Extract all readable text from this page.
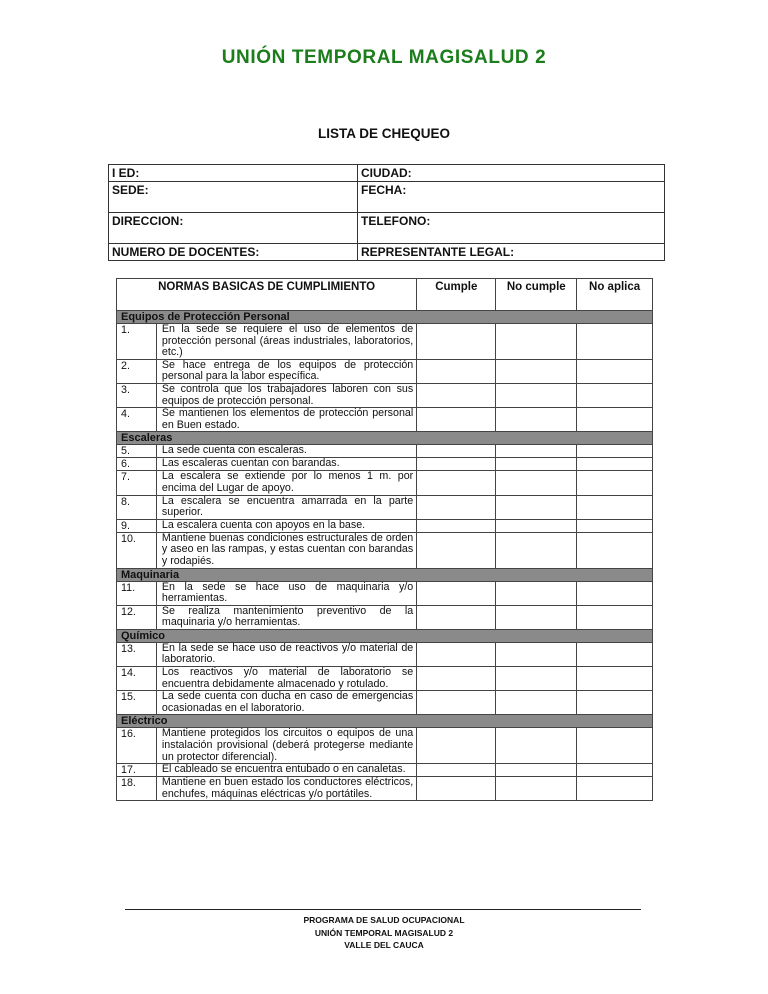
UNIÓN TEMPORAL MAGISALUD 2
LISTA DE CHEQUEO
I ED:	CIUDAD:
SEDE:	FECHA:
DIRECCION:	TELEFONO:
NUMERO DE DOCENTES:	REPRESENTANTE LEGAL:
NORMAS BASICAS DE CUMPLIMIENTO		Cumple	No cumple	No aplica
Equipos de Protección Personal				
1.	En la sede se requiere el uso de elementos de protección personal (áreas industriales, laboratorios, etc.)			
2.	Se hace entrega de los equipos de protección personal para la labor específica.			
3.	Se controla que los trabajadores laboren con sus equipos de protección personal.			
4.	Se mantienen los elementos de protección personal en Buen estado.			
Escaleras				
5.	La sede cuenta con escaleras.			
6.	Las escaleras cuentan con barandas.			
7.	La escalera se extiende por lo menos 1 m. por encima del Lugar de apoyo.			
8.	La escalera se encuentra amarrada en la parte superior.			
9.	La escalera cuenta con apoyos en la base.			
10.	Mantiene buenas condiciones estructurales de orden y aseo en las rampas, y estas cuentan con barandas y rodapiés.			
Maquinaria				
11.	En la sede se hace uso de maquinaria y/o herramientas.			
12.	Se realiza mantenimiento preventivo de la maquinaria y/o herramientas.			
Químico				
13.	En la sede se hace uso de reactivos y/o material de laboratorio.			
14.	Los reactivos y/o material de laboratorio se encuentra debidamente almacenado y rotulado.			
15.	La sede cuenta con ducha en caso de emergencias ocasionadas en el laboratorio.			
Eléctrico				
16.	Mantiene protegidos los circuitos o equipos de una instalación provisional (deberá protegerse mediante un protector diferencial).			
17.	El cableado se encuentra entubado o en canaletas.			
18.	Mantiene en buen estado los conductores eléctricos, enchufes, máquinas eléctricas y/o portátiles.			
PROGRAMA DE SALUD OCUPACIONAL
UNIÓN TEMPORAL MAGISALUD 2
VALLE DEL CAUCA
